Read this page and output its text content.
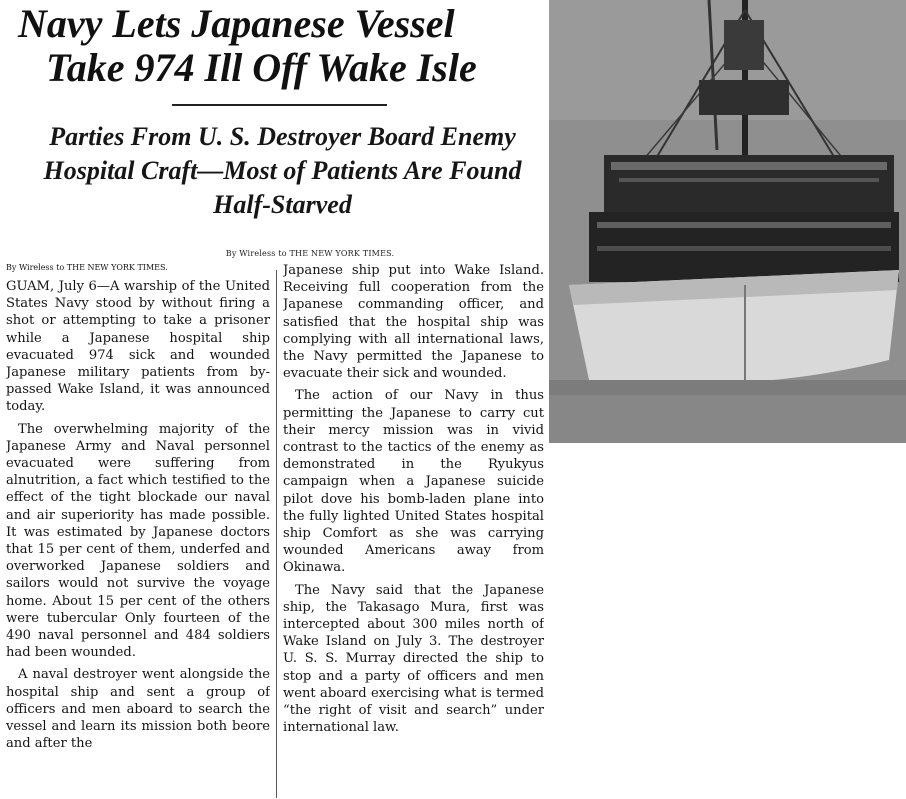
Navy Lets Japanese Vessel
Take 974 Ill Off Wake Isle
Parties From U. S. Destroyer Board Enemy Hospital Craft—Most of Patients Are Found Half-Starved
By Wireless to THE NEW YORK TIMES.

By Wireless to THE NEW YORK TIMES.

GUAM, July 6—A warship of the United States Navy stood by without firing a shot or attempting to take a prisoner while a Japanese hospital ship evacuated 974 sick and wounded Japanese military patients from by-passed Wake Island, it was announced today.

The overwhelming majority of the Japanese Army and Naval personnel evacuated were suffering from alnutrition, a fact which testified to the effect of the tight blockade our naval and air superiority has made possible. It was estimated by Japanese doctors that 15 per cent of them, underfed and overworked Japanese soldiers and sailors would not survive the voyage home. About 15 per cent of the others were tubercular Only fourteen of the 490 naval personnel and 484 soldiers had been wounded.

A naval destroyer went alongside the hospital ship and sent a group of officers and men aboard to search the vessel and learn its mission both beore and after the

Japanese ship put into Wake Island. Receiving full cooperation from the Japanese commanding officer, and satisfied that the hospital ship was complying with all international laws, the Navy permitted the Japanese to evacuate their sick and wounded.

The action of our Navy in thus permitting the Japanese to carry cut their mercy mission was in vivid contrast to the tactics of the enemy as demonstrated in the Ryukyus campaign when a Japanese suicide pilot dove his bomb-laden plane into the fully lighted United States hospital ship Comfort as she was carrying wounded Americans away from Okinawa.

The Navy said that the Japanese ship, the Takasago Mura, first was intercepted about 300 miles north of Wake Island on July 3. The destroyer U. S. S. Murray directed the ship to stop and a party of officers and men went aboard exercising what is termed “the right of visit and search” under international law.
